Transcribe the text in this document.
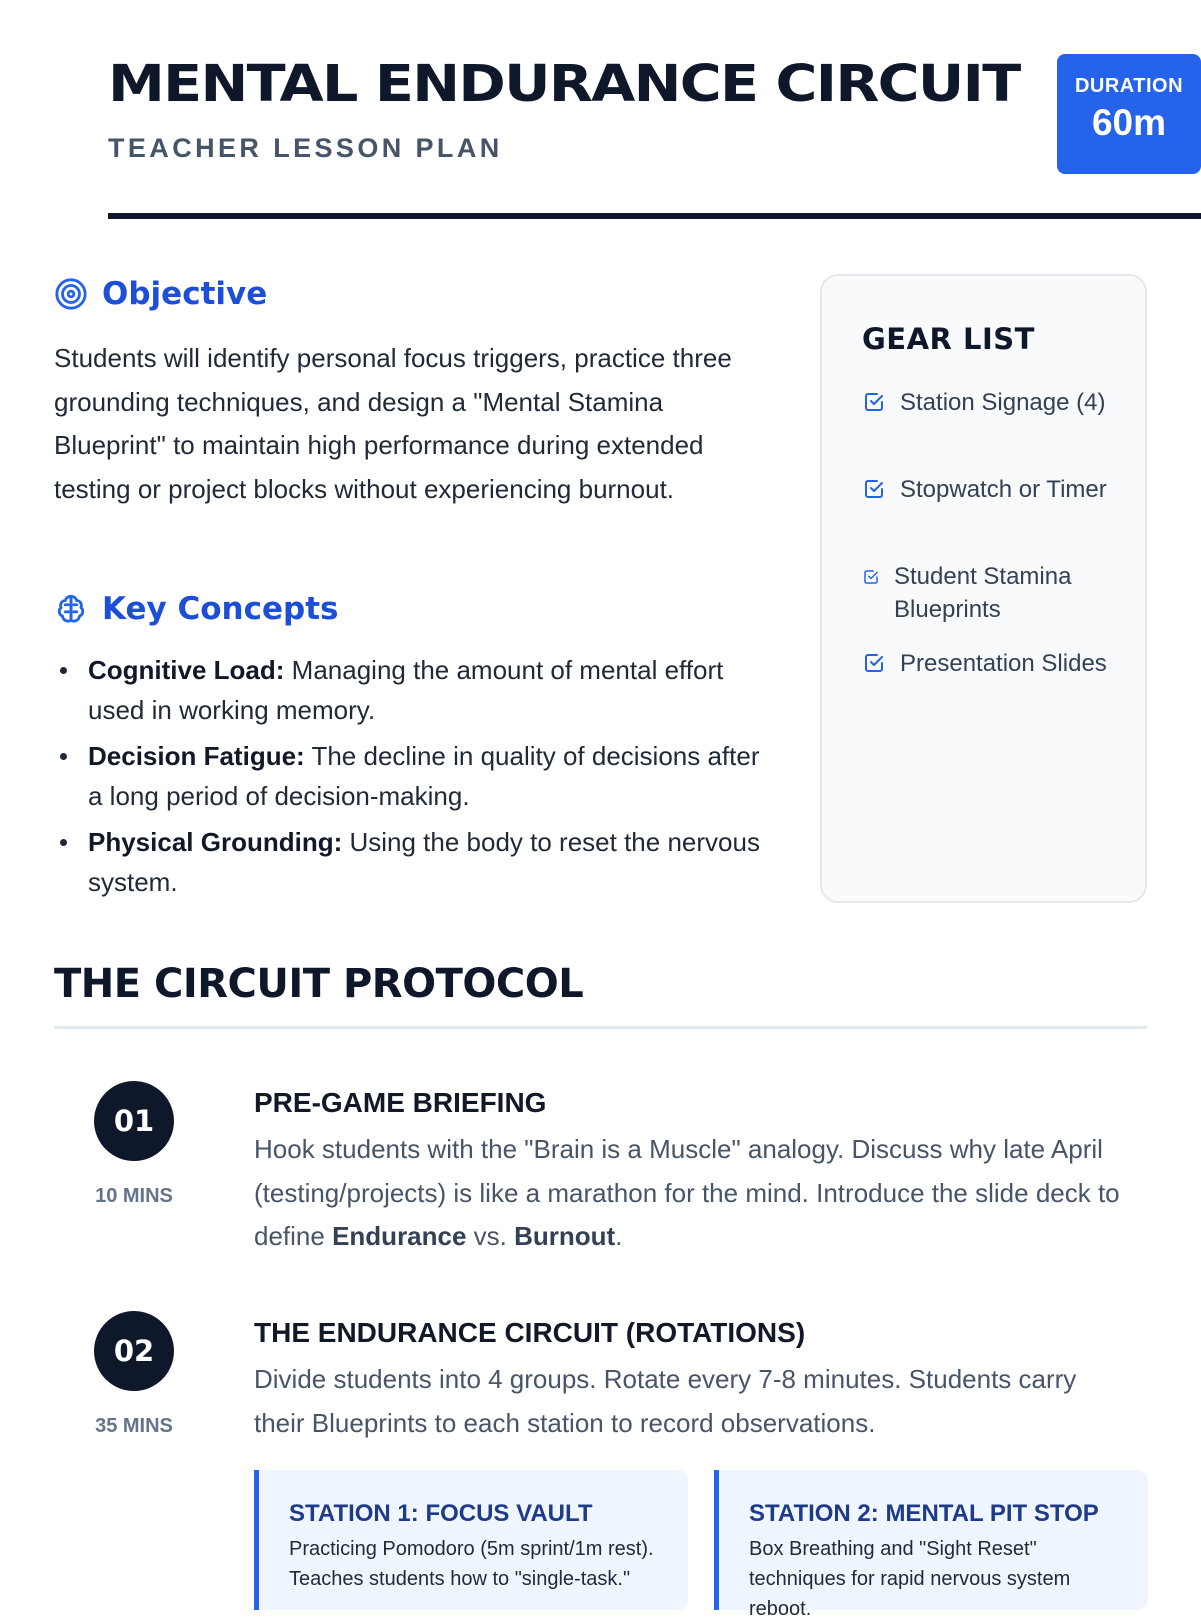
MENTAL ENDURANCE CIRCUIT
TEACHER LESSON PLAN
DURATION
60m
Objective

Students will identify personal focus triggers, practice three grounding techniques, and design a "Mental Stamina Blueprint" to maintain high performance during extended testing or project blocks without experiencing burnout.

Key Concepts
Cognitive Load: Managing the amount of mental effort used in working memory.
Decision Fatigue: The decline in quality of decisions after a long period of decision-making.
Physical Grounding: Using the body to reset the nervous system.
GEAR LIST
Station Signage (4)
Stopwatch or Timer
Student Stamina Blueprints
Presentation Slides
THE CIRCUIT PROTOCOL
01
10 MINS
PRE-GAME BRIEFING

Hook students with the "Brain is a Muscle" analogy. Discuss why late April (testing/projects) is like a marathon for the mind. Introduce the slide deck to define Endurance vs. Burnout.

02
35 MINS
THE ENDURANCE CIRCUIT (ROTATIONS)

Divide students into 4 groups. Rotate every 7-8 minutes. Students carry their Blueprints to each station to record observations.

STATION 1: FOCUS VAULT
Practicing Pomodoro (5m sprint/1m rest). Teaches students how to "single-task."
STATION 2: MENTAL PIT STOP
Box Breathing and "Sight Reset" techniques for rapid nervous system reboot.
